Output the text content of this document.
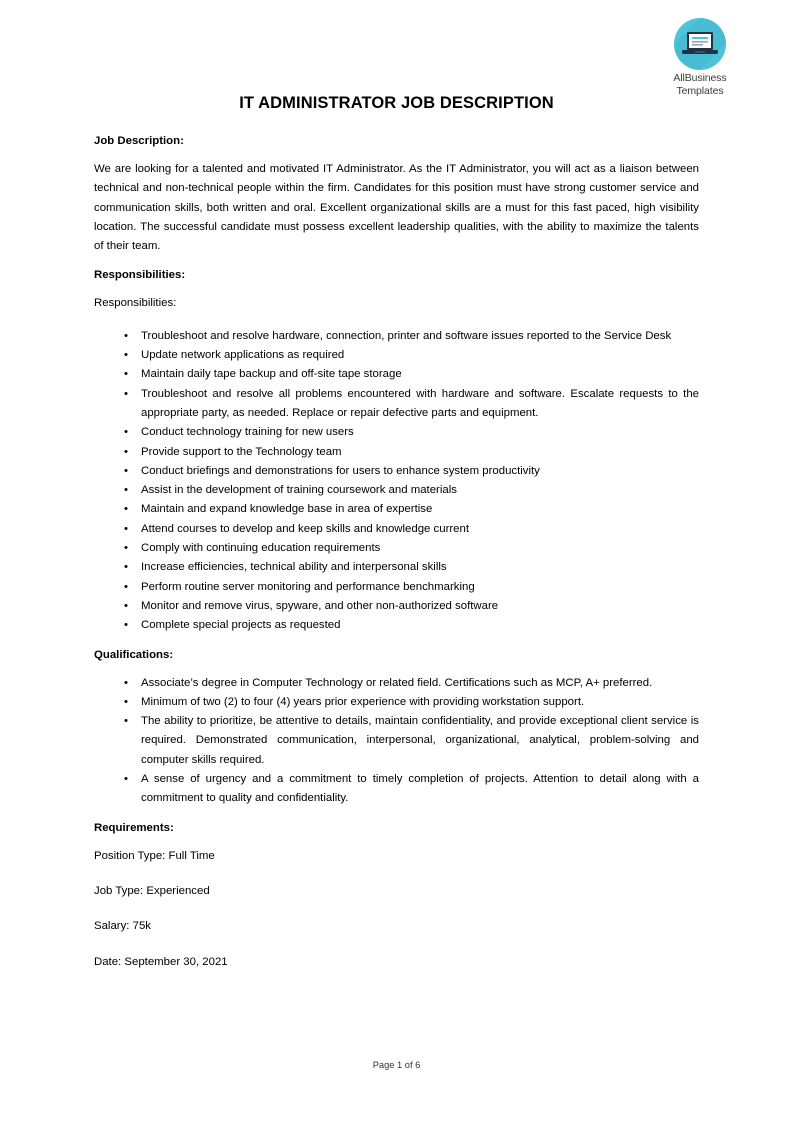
AllBusiness
Templates
IT ADMINISTRATOR JOB DESCRIPTION
Job Description:

We are looking for a talented and motivated IT Administrator. As the IT Administrator, you will act as a liaison between technical and non-technical people within the firm. Candidates for this position must have strong customer service and communication skills, both written and oral. Excellent organizational skills are a must for this fast paced, high visibility location. The successful candidate must possess excellent leadership qualities, with the ability to maximize the talents of their team.

Responsibilities:
Responsibilities:
• Troubleshoot and resolve hardware, connection, printer and software issues reported to the Service Desk
• Update network applications as required
• Maintain daily tape backup and off-site tape storage
• Troubleshoot and resolve all problems encountered with hardware and software. Escalate requests to the appropriate party, as needed. Replace or repair defective parts and equipment.
• Conduct technology training for new users
• Provide support to the Technology team
• Conduct briefings and demonstrations for users to enhance system productivity
• Assist in the development of training coursework and materials
• Maintain and expand knowledge base in area of expertise
• Attend courses to develop and keep skills and knowledge current
• Comply with continuing education requirements
• Increase efficiencies, technical ability and interpersonal skills
• Perform routine server monitoring and performance benchmarking
• Monitor and remove virus, spyware, and other non-authorized software
• Complete special projects as requested
Qualifications:
• Associate’s degree in Computer Technology or related field. Certifications such as MCP, A+ preferred.
• Minimum of two (2) to four (4) years prior experience with providing workstation support.
• The ability to prioritize, be attentive to details, maintain confidentiality, and provide exceptional client service is required. Demonstrated communication, interpersonal, organizational, analytical, problem-solving and computer skills required.
• A sense of urgency and a commitment to timely completion of projects. Attention to detail along with a commitment to quality and confidentiality.
Requirements:
Position Type: Full Time
Job Type: Experienced
Salary: 75k
Date: September 30, 2021
Page 1 of 6
